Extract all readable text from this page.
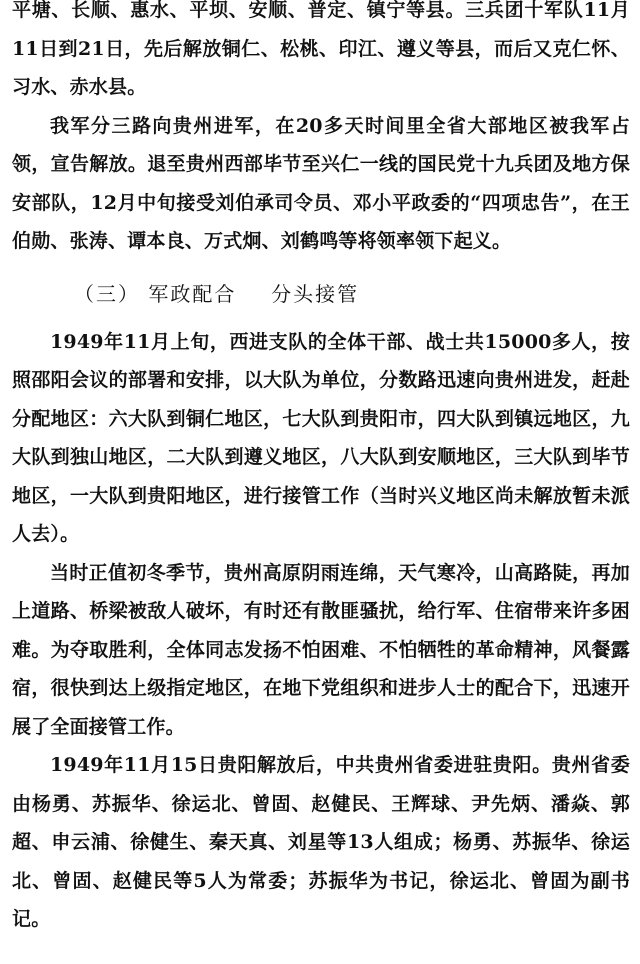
平塘、长顺、惠水、平坝、安顺、普定、镇宁等县。三兵团十军队11月11日到21日，先后解放铜仁、松桃、印江、遵义等县，而后又克仁怀、习水、赤水县。

我军分三路向贵州进军，在20多天时间里全省大部地区被我军占领，宣告解放。退至贵州西部毕节至兴仁一线的国民党十九兵团及地方保安部队，12月中旬接受刘伯承司令员、邓小平政委的“四项忠告”，在王伯勋、张涛、谭本良、万式炯、刘鹤鸣等将领率领下起义。

（三） 军政配合 分头接管

1949年11月上旬，西进支队的全体干部、战士共15000多人，按照邵阳会议的部署和安排，以大队为单位，分数路迅速向贵州进发，赶赴分配地区：六大队到铜仁地区，七大队到贵阳市，四大队到镇远地区，九大队到独山地区，二大队到遵义地区，八大队到安顺地区，三大队到毕节地区，一大队到贵阳地区，进行接管工作（当时兴义地区尚未解放暂未派人去）。

当时正值初冬季节，贵州高原阴雨连绵，天气寒冷，山高路陡，再加上道路、桥梁被敌人破坏，有时还有散匪骚扰，给行军、住宿带来许多困难。为夺取胜利，全体同志发扬不怕困难、不怕牺牲的革命精神，风餐露宿，很快到达上级指定地区，在地下党组织和进步人士的配合下，迅速开展了全面接管工作。

1949年11月15日贵阳解放后，中共贵州省委进驻贵阳。贵州省委由杨勇、苏振华、徐运北、曾固、赵健民、王辉球、尹先炳、潘焱、郭超、申云浦、徐健生、秦天真、刘星等13人组成；杨勇、苏振华、徐运北、曾固、赵健民等5人为常委；苏振华为书记，徐运北、曾固为副书记。
